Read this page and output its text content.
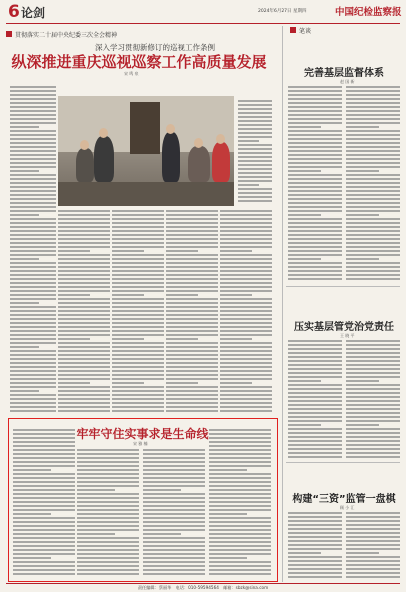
6 论剑	2024年6月27日 星期四	中国纪检监察报
贯彻落实二十届中央纪委三次全会精神
深入学习贯彻新修订的巡视工作条例
纵深推进重庆巡视巡察工作高质量发展
宋 鸣 泉
牢牢守住实事求是生命线
宋 雅 楠
笔谈
完善基层监督体系
赵 国 新
压实基层管党治党责任
王 晓 平
构建“三资”监管一盘棋
顾 小 汇
责任编辑：蔡丽华　电话：010-59594564　邮箱：sbzk@sina.com
